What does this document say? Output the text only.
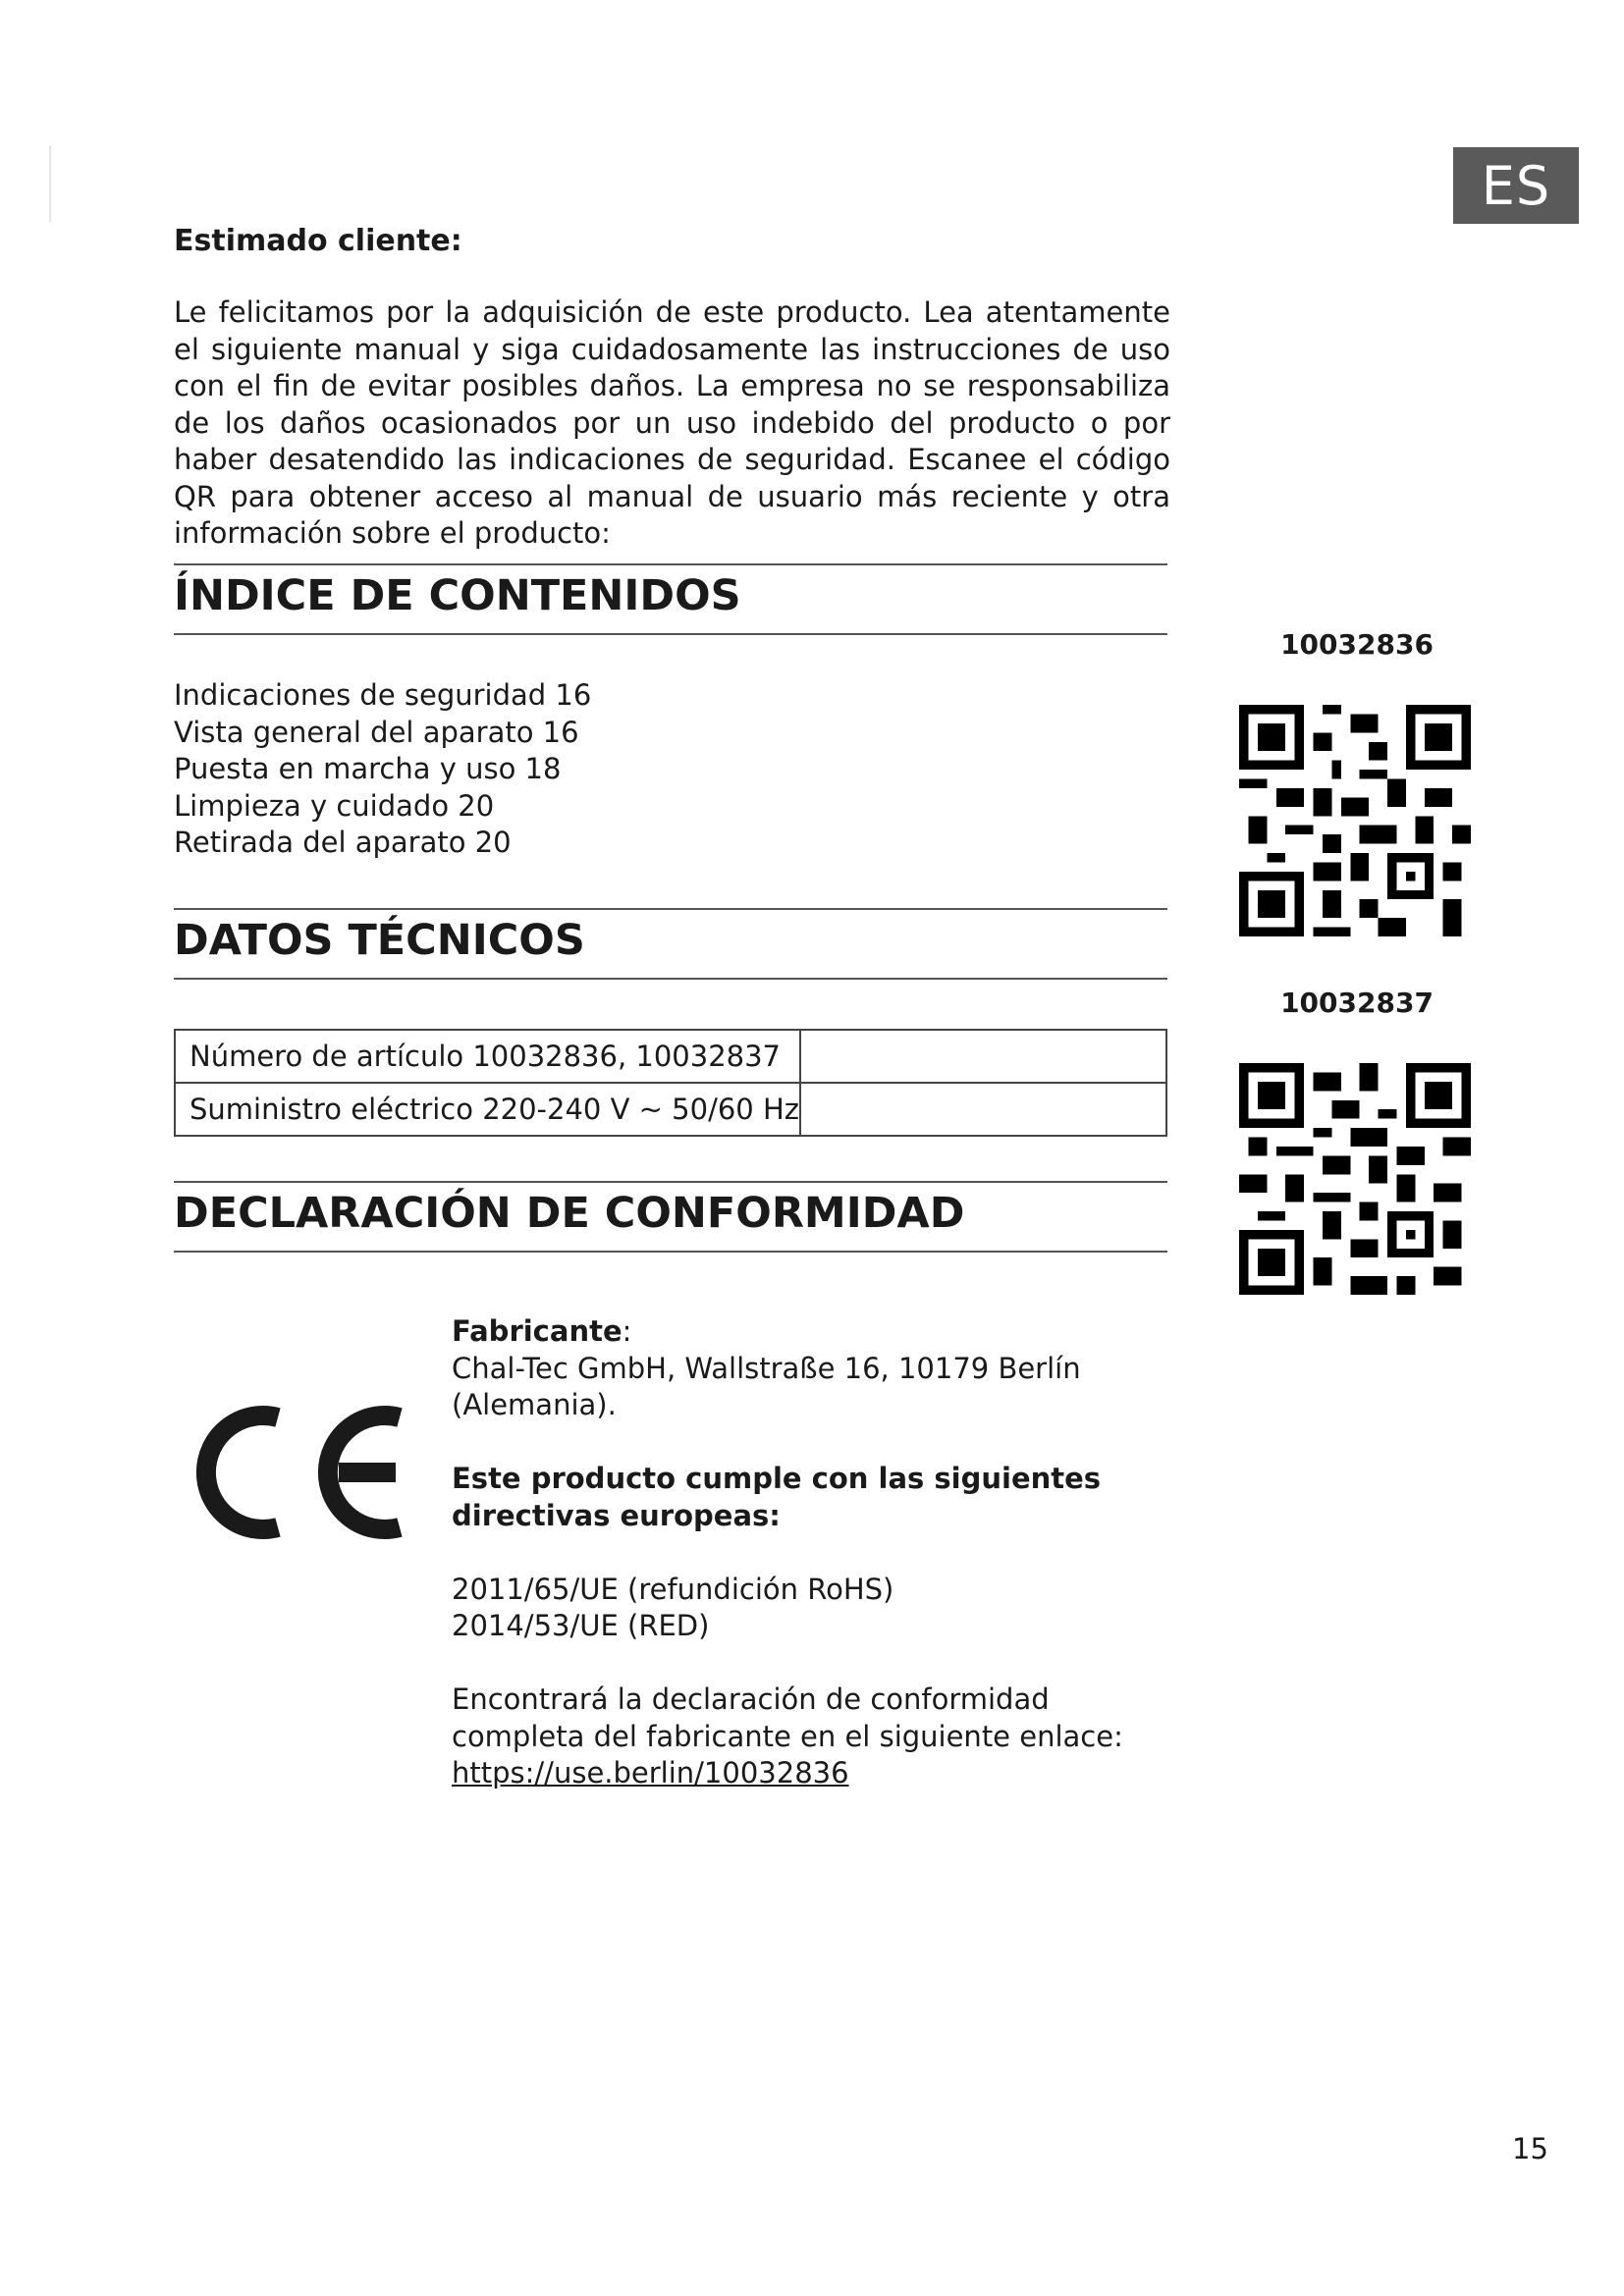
ES
Estimado cliente:

Le felicitamos por la adquisición de este producto. Lea atentamente el siguiente manual y siga cuidadosamente las instrucciones de uso con el fin de evitar posibles daños. La empresa no se responsabiliza de los daños ocasionados por un uso indebido del producto o por haber desatendido las indicaciones de seguridad. Escanee el código QR para obtener acceso al manual de usuario más reciente y otra información sobre el producto:

ÍNDICE DE CONTENIDOS
Indicaciones de seguridad 16
Vista general del aparato 16
Puesta en marcha y uso 18
Limpieza y cuidado 20
Retirada del aparato 20
DATOS TÉCNICOS
Número de artículo 10032836, 10032837	
Suministro eléctrico 220-240 V ~ 50/60 Hz	
DECLARACIÓN DE CONFORMIDAD

Fabricante:
Chal-Tec GmbH, Wallstraße 16, 10179 Berlín
(Alemania).

Este producto cumple con las siguientes directivas europeas:

2011/65/UE (refundición RoHS)
2014/53/UE (RED)

Encontrará la declaración de conformidad completa del fabricante en el siguiente enlace:
https://use.berlin/10032836

10032836
10032837
15
